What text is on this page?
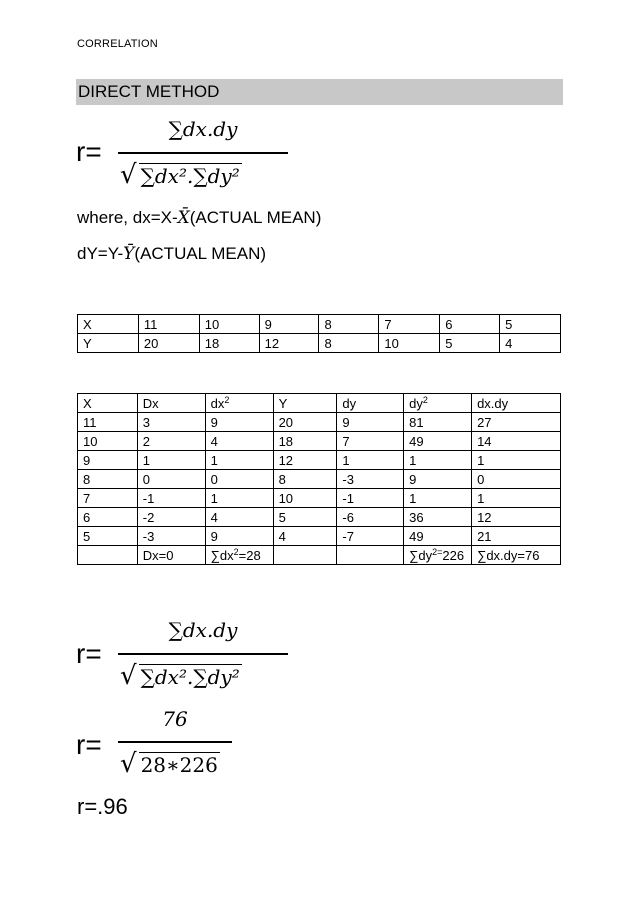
CORRELATION
DIRECT METHOD
r=
∑dx.dy
√ ∑dx².∑dy²
where, dx=X-X̄(ACTUAL MEAN)
dY=Y-Ȳ(ACTUAL MEAN)
X	11	10	9	8	7	6	5
Y	20	18	12	8	10	5	4
X	Dx	$dx^2$	Y	dy	$dy^2$	dx.dy
11	3	9	20	9	81	27
10	2	4	18	7	49	14
9	1	1	12	1	1	1
8	0	0	8	-3	9	0
7	-1	1	10	-1	1	1
6	-2	4	5	-6	36	12
5	-3	9	4	-7	49	21
	Dx=0	$\sum dx^2=28$			$\sum dy^{2=}226$	∑dx.dy=76
r=
∑dx.dy
√ ∑dx².∑dy²
r=
76
√ 28∗226
r=.96
